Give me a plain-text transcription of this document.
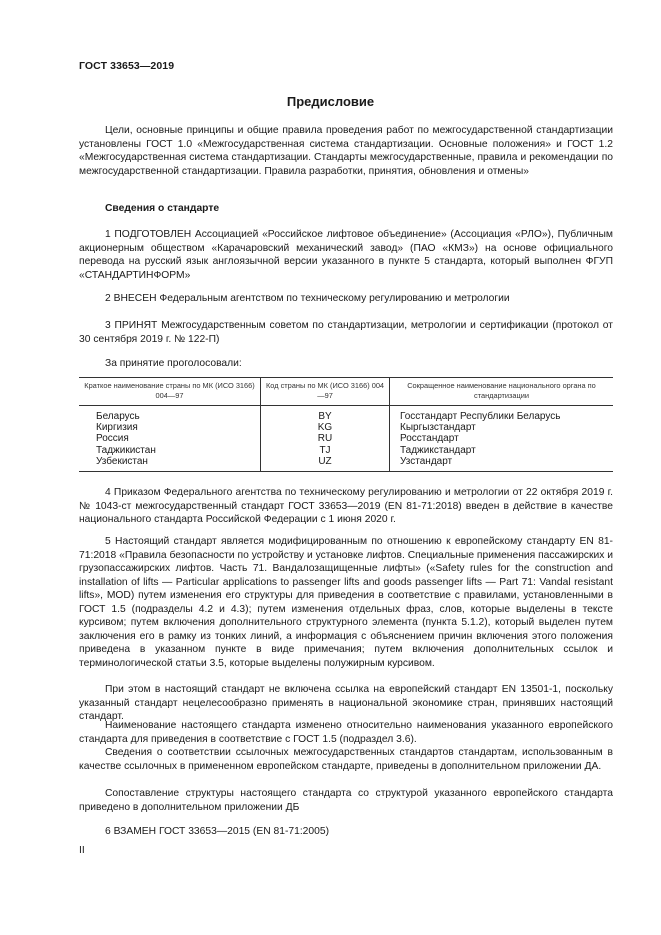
ГОСТ 33653—2019
Предисловие
Цели, основные принципы и общие правила проведения работ по межгосударственной стандартизации установлены ГОСТ 1.0 «Межгосударственная система стандартизации. Основные положения» и ГОСТ 1.2 «Межгосударственная система стандартизации. Стандарты межгосударственные, правила и рекомендации по межгосударственной стандартизации. Правила разработки, принятия, обновления и отмены»
Сведения о стандарте
1 ПОДГОТОВЛЕН Ассоциацией «Российское лифтовое объединение» (Ассоциация «РЛО»), Публичным акционерным обществом «Карачаровский механический завод» (ПАО «КМЗ») на основе официального перевода на русский язык англоязычной версии указанного в пункте 5 стандарта, который выполнен ФГУП «СТАНДАРТИНФОРМ»
2 ВНЕСЕН Федеральным агентством по техническому регулированию и метрологии
3 ПРИНЯТ Межгосударственным советом по стандартизации, метрологии и сертификации (протокол от 30 сентября 2019 г. № 122-П)
За принятие проголосовали:
Краткое наименование страны по МК (ИСО 3166) 004—97	Код страны по МК (ИСО 3166) 004—97	Сокращенное наименование национального органа по стандартизации
Беларусь	BY	Госстандарт Республики Беларусь
Киргизия	KG	Кыргызстандарт
Россия	RU	Росстандарт
Таджикистан	TJ	Таджикстандарт
Узбекистан	UZ	Узстандарт
4 Приказом Федерального агентства по техническому регулированию и метрологии от 22 октября 2019 г. № 1043-ст межгосударственный стандарт ГОСТ 33653—2019 (EN 81-71:2018) введен в действие в качестве национального стандарта Российской Федерации с 1 июня 2020 г.
5 Настоящий стандарт является модифицированным по отношению к европейскому стандарту EN 81-71:2018 «Правила безопасности по устройству и установке лифтов. Специальные применения пассажирских и грузопассажирских лифтов. Часть 71. Вандалозащищенные лифты» («Safety rules for the construction and installation of lifts — Particular applications to passenger lifts and goods passenger lifts — Part 71: Vandal resistant lifts», MOD) путем изменения его структуры для приведения в соответствие с правилами, установленными в ГОСТ 1.5 (подразделы 4.2 и 4.3); путем изменения отдельных фраз, слов, которые выделены в тексте курсивом; путем включения дополнительного структурного элемента (пункта 5.1.2), который выделен путем заключения его в рамку из тонких линий, а информация с объяснением причин включения этого положения приведена в указанном пункте в виде примечания; путем включения дополнительных ссылок и терминологической статьи 3.5, которые выделены полужирным курсивом.
При этом в настоящий стандарт не включена ссылка на европейский стандарт EN 13501-1, поскольку указанный стандарт нецелесообразно применять в национальной экономике стран, принявших настоящий стандарт.
Наименование настоящего стандарта изменено относительно наименования указанного европейского стандарта для приведения в соответствие с ГОСТ 1.5 (подраздел 3.6).
Сведения о соответствии ссылочных межгосударственных стандартов стандартам, использованным в качестве ссылочных в примененном европейском стандарте, приведены в дополнительном приложении ДА.
Сопоставление структуры настоящего стандарта со структурой указанного европейского стандарта приведено в дополнительном приложении ДБ
6 ВЗАМЕН ГОСТ 33653—2015 (EN 81-71:2005)
II
